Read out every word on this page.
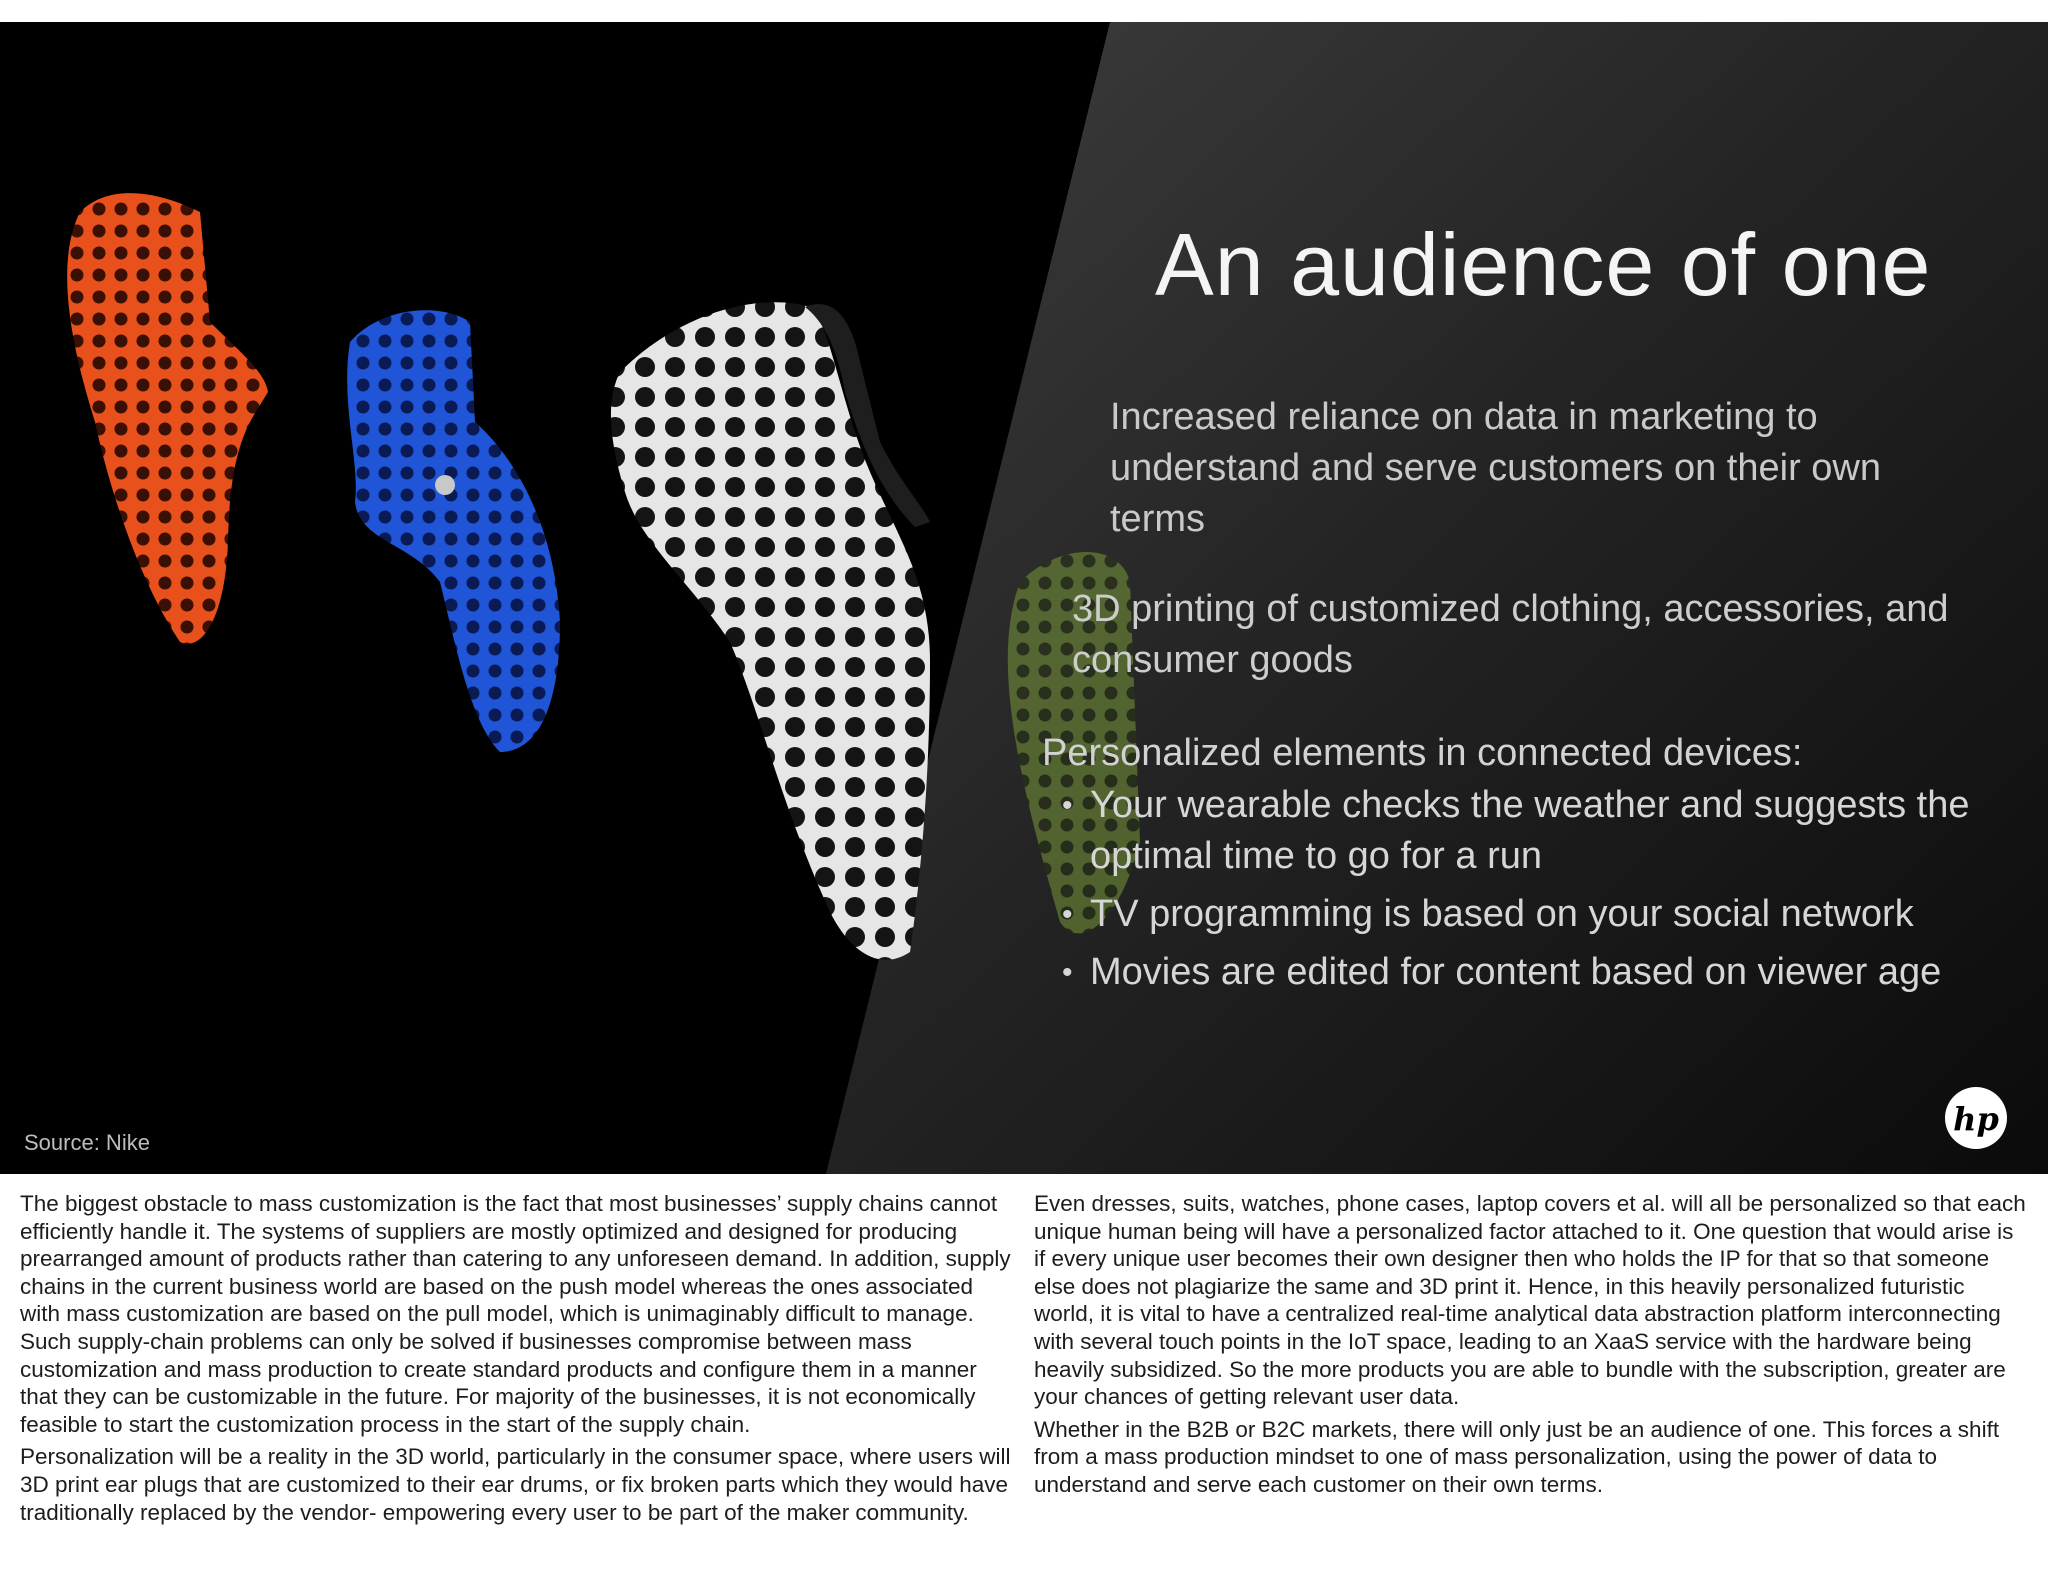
An audience of one

Increased reliance on data in marketing to understand and serve customers on their own terms

3D printing of customized clothing, accessories, and consumer goods

Personalized elements in connected devices:

• Your wearable checks the weather and suggests the optimal time to go for a run
• TV programming is based on your social network
• Movies are edited for content based on viewer age

Source: Nike

hp

The biggest obstacle to mass customization is the fact that most businesses’ supply chains cannot efficiently handle it. The systems of suppliers are mostly optimized and designed for producing prearranged amount of products rather than catering to any unforeseen demand. In addition, supply chains in the current business world are based on the push model whereas the ones associated with mass customization are based on the pull model, which is unimaginably difficult to manage. Such supply-chain problems can only be solved if businesses compromise between mass customization and mass production to create standard products and configure them in a manner that they can be customizable in the future. For majority of the businesses, it is not economically feasible to start the customization process in the start of the supply chain.

Personalization will be a reality in the 3D world, particularly in the consumer space, where users will 3D print ear plugs that are customized to their ear drums, or fix broken parts which they would have traditionally replaced by the vendor- empowering every user to be part of the maker community. Even dresses, suits, watches, phone cases, laptop covers et al. will all be personalized so that each unique human being will have a personalized factor attached to it. One question that would arise is if every unique user becomes their own designer then who holds the IP for that so that someone else does not plagiarize the same and 3D print it. Hence, in this heavily personalized futuristic world, it is vital to have a centralized real-time analytical data abstraction platform interconnecting with several touch points in the IoT space, leading to an XaaS service with the hardware being heavily subsidized. So the more products you are able to bundle with the subscription, greater are your chances of getting relevant user data.

Whether in the B2B or B2C markets, there will only just be an audience of one. This forces a shift from a mass production mindset to one of mass personalization, using the power of data to understand and serve each customer on their own terms.
